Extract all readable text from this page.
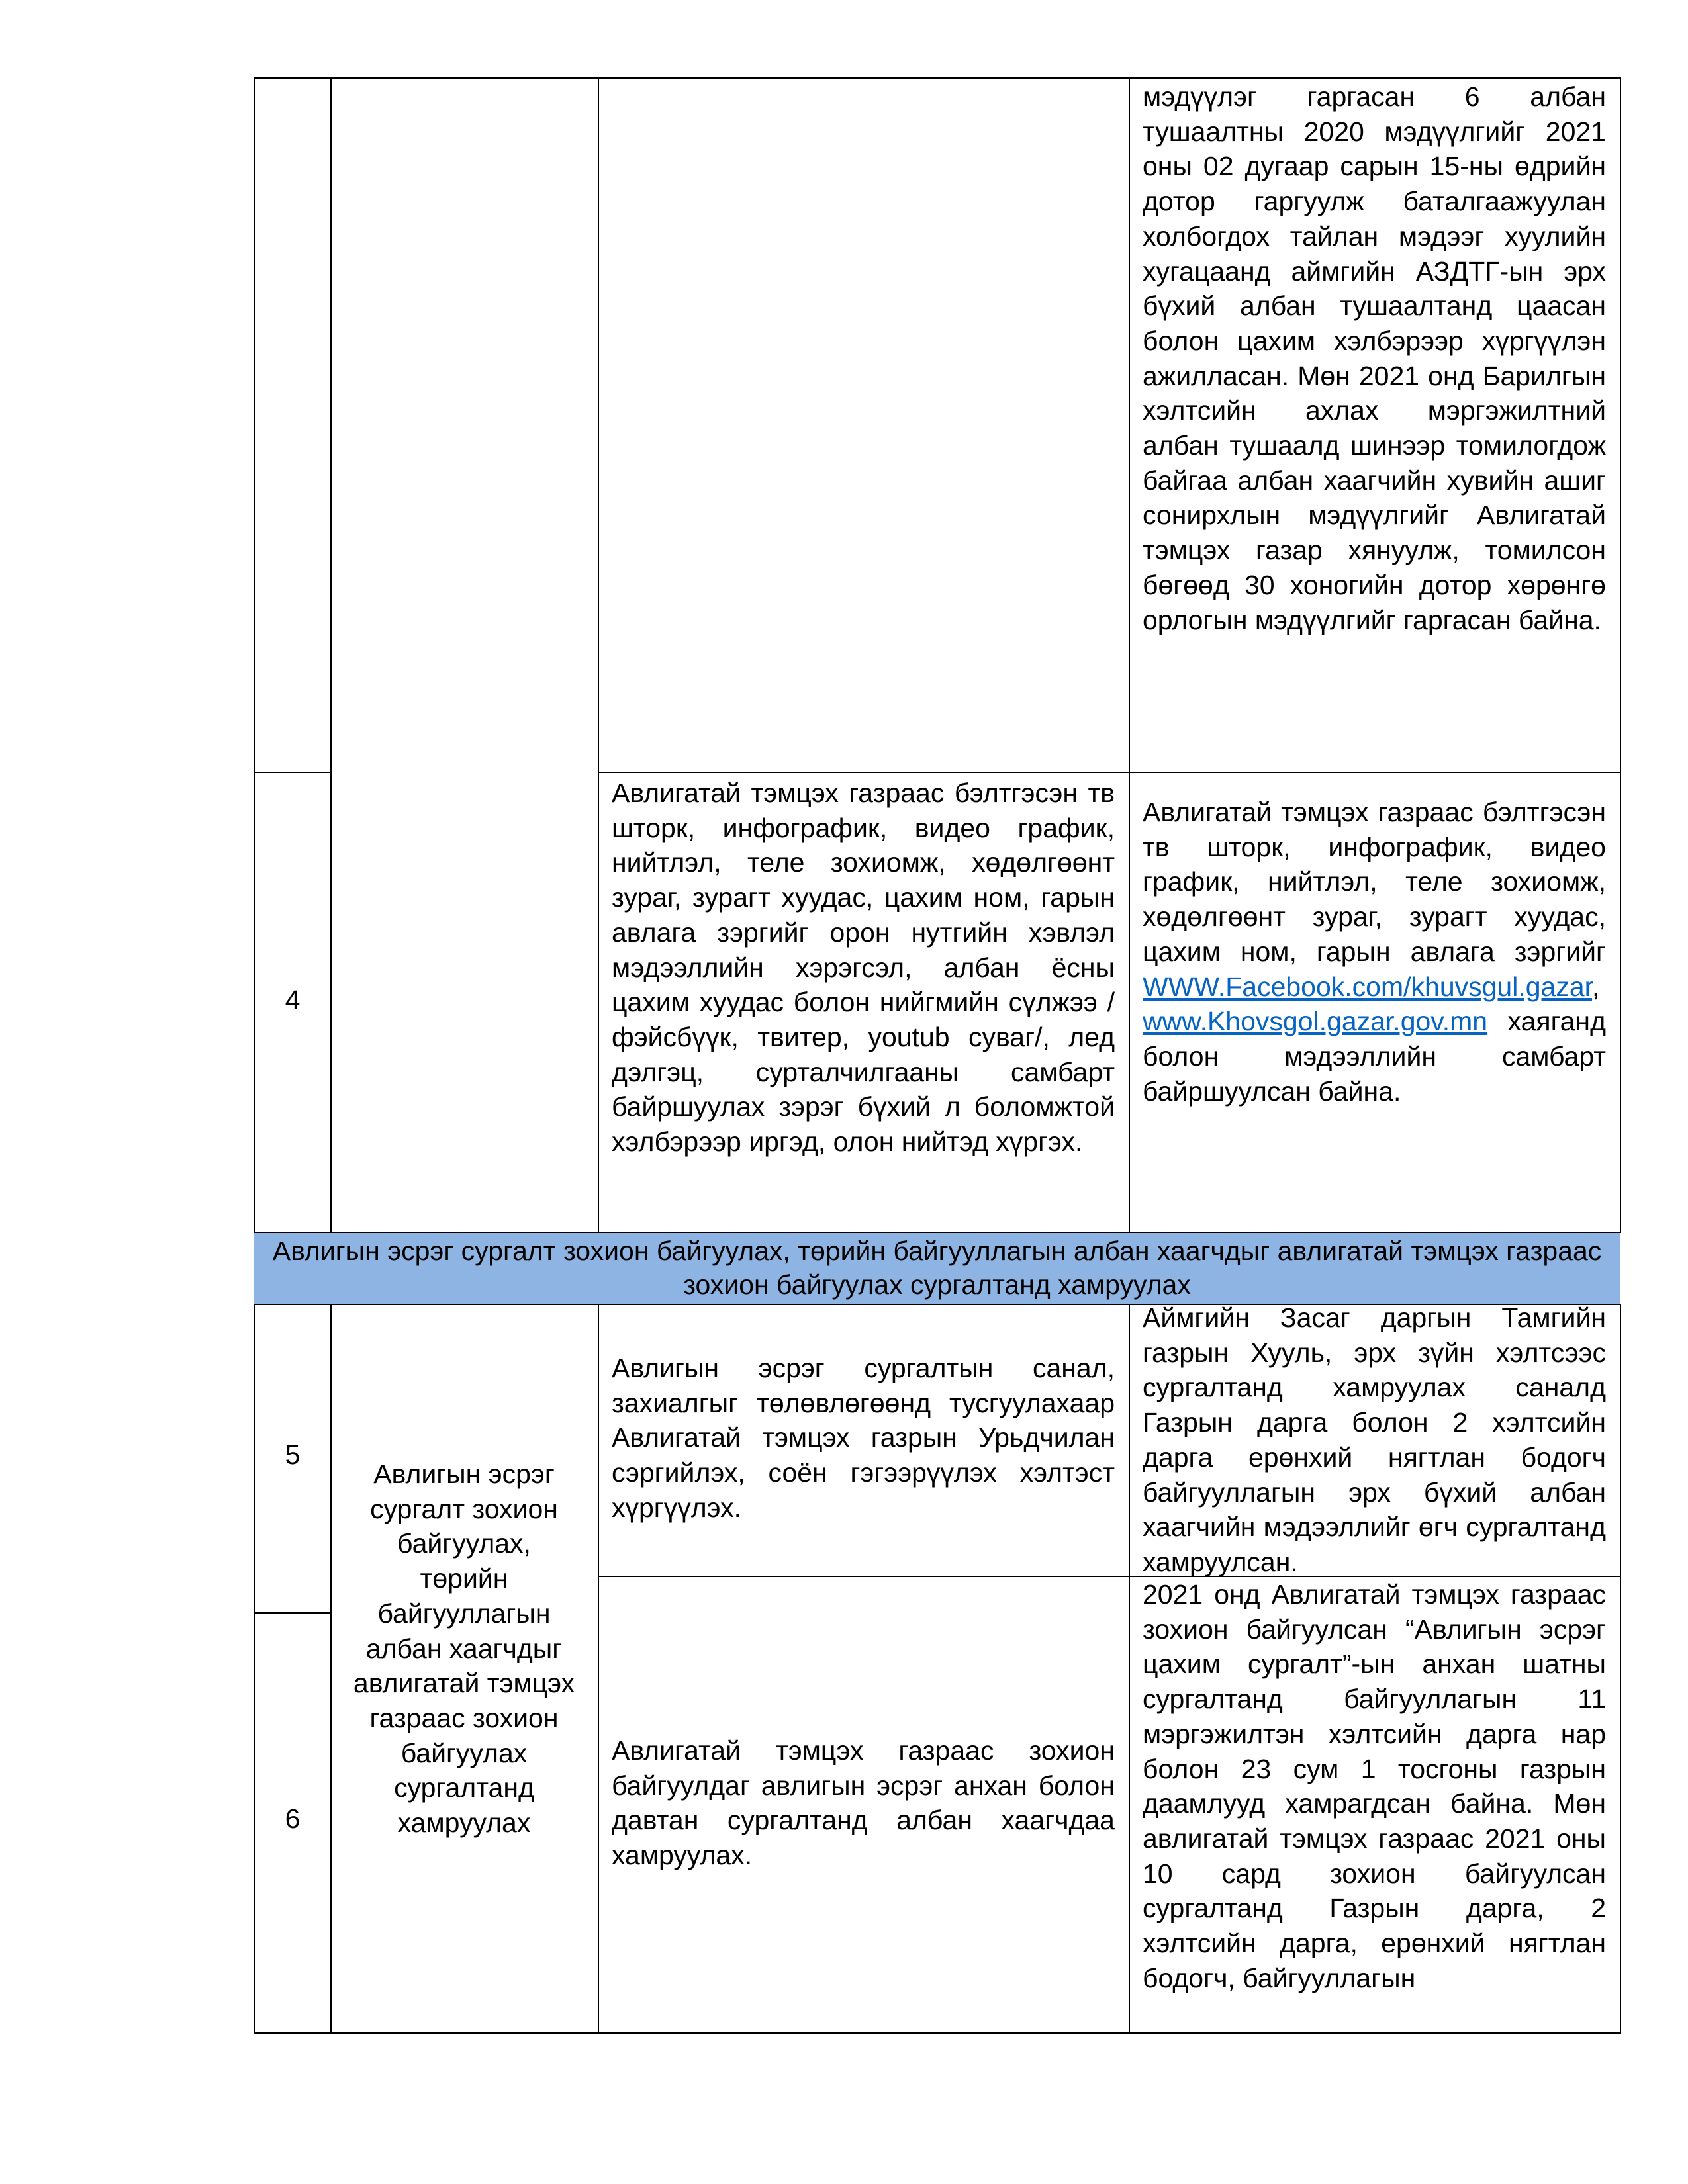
4
мэдүүлэг гаргасан 6 албан тушаалтны 2020 мэдүүлгийг 2021 оны 02 дугаар сарын 15-ны өдрийн дотор гаргуулж баталгаажуулан холбогдох тайлан мэдээг хуулийн хугацаанд аймгийн АЗДТГ-ын эрх бүхий албан тушаалтанд цаасан болон цахим хэлбэрээр хүргүүлэн ажилласан. Мөн 2021 онд Барилгын хэлтсийн ахлах мэргэжилтний албан тушаалд шинээр томилогдож байгаа албан хаагчийн хувийн ашиг сонирхлын мэдүүлгийг Авлигатай тэмцэх газар хянуулж, томилсон бөгөөд 30 хоногийн дотор хөрөнгө орлогын мэдүүлгийг гаргасан байна.
Авлигатай тэмцэх газраас бэлтгэсэн тв шторк, инфографик, видео график, нийтлэл, теле зохиомж, хөдөлгөөнт зураг, зурагт хуудас, цахим ном, гарын авлага зэргийг орон нутгийн хэвлэл мэдээллийн хэрэгсэл, албан ёсны цахим хуудас болон нийгмийн сүлжээ /фэйсбүүк, твитер, youtub суваг/, лед дэлгэц, сурталчилгааны самбарт байршуулах зэрэг бүхий л боломжтой хэлбэрээр иргэд, олон нийтэд хүргэх.
Авлигатай тэмцэх газраас бэлтгэсэн тв шторк, инфографик, видео график, нийтлэл, теле зохиомж, хөдөлгөөнт зураг, зурагт хуудас, цахим ном, гарын авлага зэргийг WWW.Facebook.com/khuvsgul.gazar, www.Khovsgol.gazar.gov.mn хаяганд болон мэдээллийн самбарт байршуулсан байна.
Авлигын эсрэг сургалт зохион байгуулах, төрийн байгууллагын албан хаагчдыг авлигатай тэмцэх газраас зохион байгуулах сургалтанд хамруулах
5
Авлигын эсрэг сургалт зохион байгуулах, төрийн байгууллагын албан хаагчдыг авлигатай тэмцэх газраас зохион байгуулах сургалтанд хамруулах
Авлигын эсрэг сургалтын санал, захиалгыг төлөвлөгөөнд тусгуулахаар Авлигатай тэмцэх газрын Урьдчилан сэргийлэх, соён гэгээрүүлэх хэлтэст хүргүүлэх.
Аймгийн Засаг даргын Тамгийн газрын Хууль, эрх зүйн хэлтсээс сургалтанд хамруулах саналд Газрын дарга болон 2 хэлтсийн дарга ерөнхий нягтлан бодогч байгууллагын эрх бүхий албан хаагчийн мэдээллийг өгч сургалтанд хамруулсан.
6
Авлигатай тэмцэх газраас зохион байгуулдаг авлигын эсрэг анхан болон давтан сургалтанд албан хаагчдаа хамруулах.
2021 онд Авлигатай тэмцэх газраас зохион байгуулсан “Авлигын эсрэг цахим сургалт”-ын анхан шатны сургалтанд байгууллагын 11 мэргэжилтэн хэлтсийн дарга нар болон 23 сум 1 тосгоны газрын даамлууд хамрагдсан байна. Мөн авлигатай тэмцэх газраас 2021 оны 10 сард зохион байгуулсан сургалтанд Газрын дарга, 2 хэлтсийн дарга, ерөнхий нягтлан бодогч, байгууллагын
